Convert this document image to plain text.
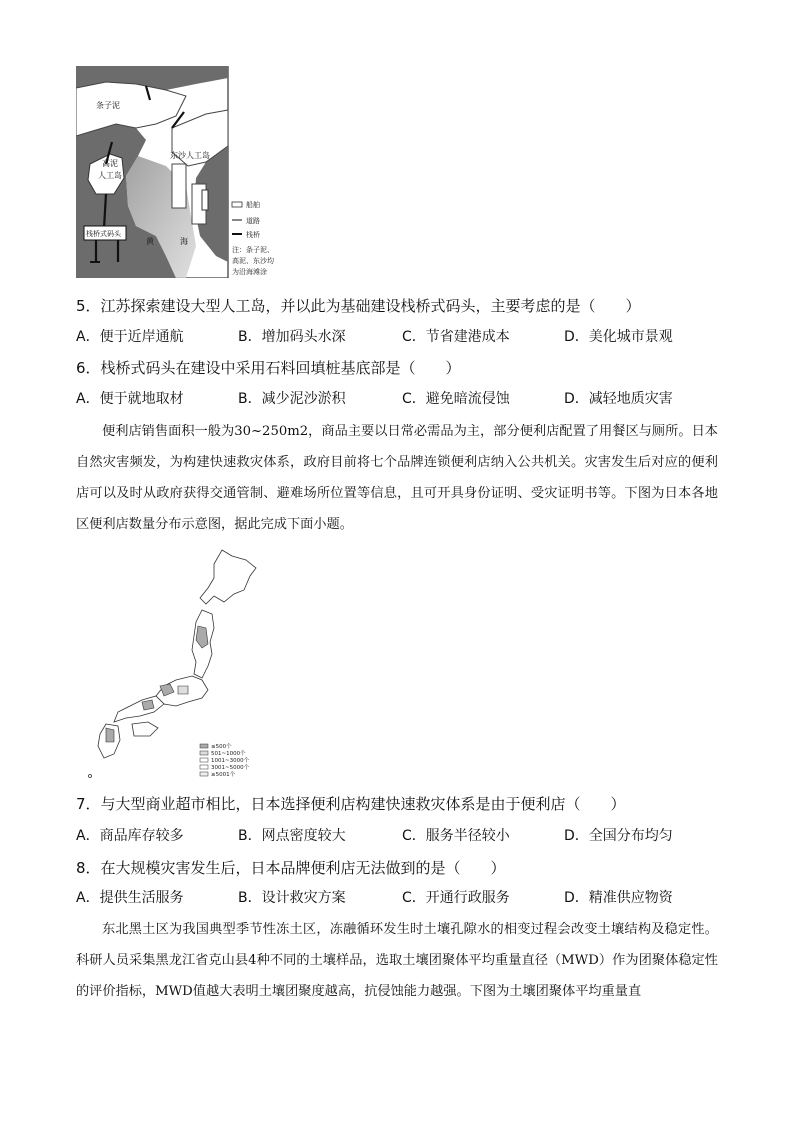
条子泥
高泥
人工岛
东沙人工岛
栈桥式码头
黄	海
船舶
道路
栈桥
注：条子泥、
高泥、东沙均
为沿海滩涂
5．江苏探索建设大型人工岛，并以此为基础建设栈桥式码头，主要考虑的是（　　）
A．便于近岸通航	B．增加码头水深	C．节省建港成本	D．美化城市景观
6．栈桥式码头在建设中采用石料回填桩基底部是（　　）
A．便于就地取材	B．减少泥沙淤积	C．避免暗流侵蚀	D．减轻地质灾害
便利店销售面积一般为30~250m2，商品主要以日常必需品为主，部分便利店配置了用餐区与厕所。日本自然灾害频发，为构建快速救灾体系，政府目前将七个品牌连锁便利店纳入公共机关。灾害发生后对应的便利店可以及时从政府获得交通管制、避难场所位置等信息，且可开具身份证明、受灾证明书等。下图为日本各地区便利店数量分布示意图，据此完成下面小题。
≤500个
501~1000个
1001~3000个
3001~5000个
≥5001个
7．与大型商业超市相比，日本选择便利店构建快速救灾体系是由于便利店（　　）
A．商品库存较多	B．网点密度较大	C．服务半径较小	D．全国分布均匀
8．在大规模灾害发生后，日本品牌便利店无法做到的是（　　）
A．提供生活服务	B．设计救灾方案	C．开通行政服务	D．精准供应物资
东北黑土区为我国典型季节性冻土区，冻融循环发生时土壤孔隙水的相变过程会改变土壤结构及稳定性。科研人员采集黑龙江省克山县4种不同的土壤样品，选取土壤团聚体平均重量直径（MWD）作为团聚体稳定性的评价指标，MWD值越大表明土壤团聚度越高，抗侵蚀能力越强。下图为土壤团聚体平均重量直
